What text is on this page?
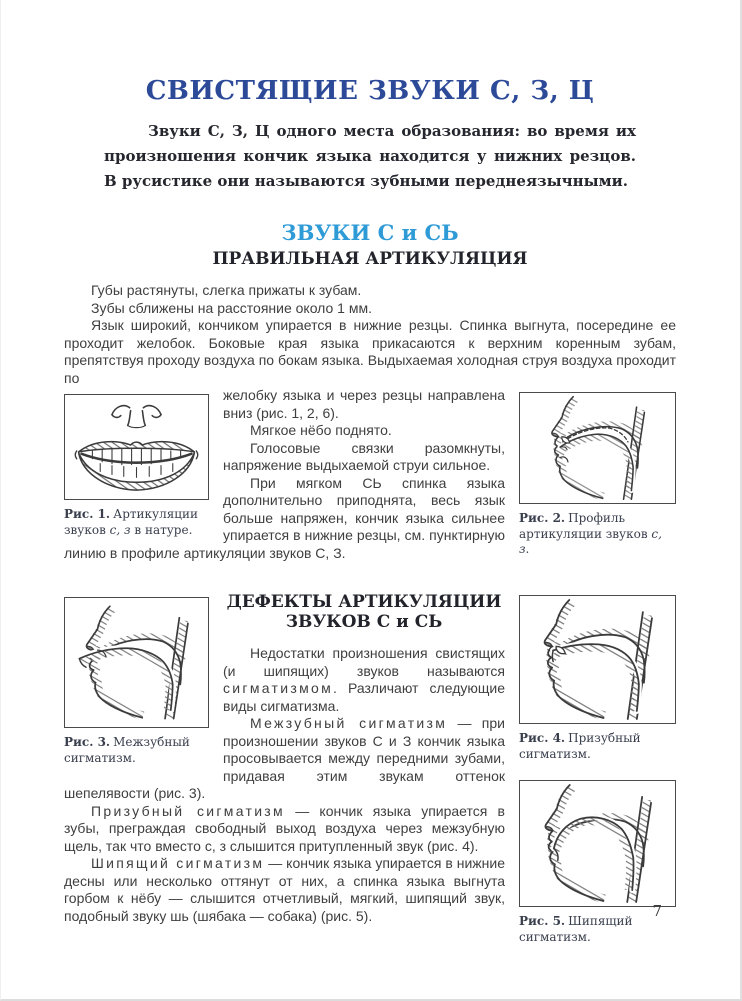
СВИСТЯЩИЕ ЗВУКИ С, З, Ц

Звуки С, З, Ц одного места образования: во время их произношения кончик языка находится у нижних резцов. В русистике они называются зубными переднеязычными.

ЗВУКИ С и СЬ
ПРАВИЛЬНАЯ АРТИКУЛЯЦИЯ

Губы растянуты, слегка прижаты к зубам.

Зубы сближены на расстояние около 1 мм.

Язык широкий, кончиком упирается в нижние резцы. Спинка выгнута, посередине ее проходит желобок. Боковые края языка прикасаются к верхним коренным зубам, препятствуя проходу воздуха по бокам языка. Выдыхаемая холодная струя воздуха проходит по

Рис. 1. Артикуляции звуков с, з в натуре.
Рис. 2. Профиль артикуляции звуков с, з.

желобку языка и через резцы направлена вниз (рис. 1, 2, 6).

Мягкое нёбо поднято.

Голосовые связки разомкнуты, напряжение выдыхаемой струи сильное.

При мягком СЬ спинка языка дополнительно приподнята, весь язык больше напряжен, кончик языка сильнее упирается в нижние резцы, см. пунктирную линию в профиле артикуляции звуков С, З.

Рис. 3. Межзубный сигматизм.
Рис. 4. Призубный сигматизм.
Рис. 5. Шипящий сигматизм.
ДЕФЕКТЫ АРТИКУЛЯЦИИ
ЗВУКОВ С и СЬ

Недостатки произношения свистящих (и шипящих) звуков называются сигматизмом. Различают следующие виды сигматизма.

Межзубный сигматизм — при произношении звуков С и З кончик языка просовывается между передними зубами, придавая этим звукам оттенок шепелявости (рис. 3).

Призубный сигматизм — кончик языка упирается в зубы, преграждая свободный выход воздуха через межзубную щель, так что вместо с, з слышится притупленный звук (рис. 4).

Шипящий сигматизм — кончик языка упирается в нижние десны или несколько оттянут от них, а спинка языка выгнута горбом к нёбу — слышится отчетливый, мягкий, шипящий звук, подобный звуку шь (шябака — собака) (рис. 5).	7
